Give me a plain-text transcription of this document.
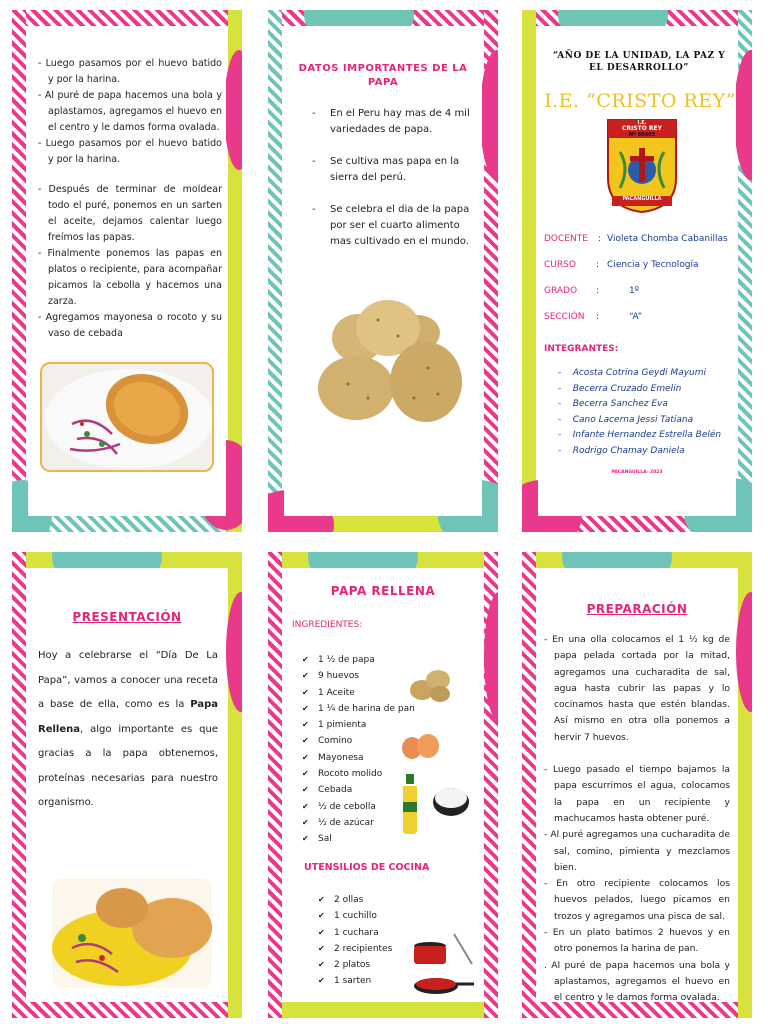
- Luego pasamos por el huevo batido y por la harina.
- Al puré de papa hacemos una bola y aplastamos, agregamos el huevo en el centro y le damos forma ovalada.
- Luego pasamos por el huevo batido y por la harina.
- Después de terminar de moldear todo el puré, ponemos en un sarten el aceite, dejamos calentar luego freímos las papas.
- Finalmente ponemos las papas en platos o recipiente, para acompañar picamos la cebolla y hacemos una zarza.
- Agregamos mayonesa o rocoto y su vaso de cebada
DATOS IMPORTANTES DE LA PAPA
- En el Peru hay mas de 4 mil variedades de papa.
- Se cultiva mas papa en la sierra del perú.
- Se celebra el dia de la papa por ser el cuarto alimento mas cultivado en el mundo.
“AÑO DE LA UNIDAD, LA PAZ Y EL DESARROLLO”
I.E. “CRISTO REY”
I.E.
CRISTO REY
Nº 80403
PACANGUILLA
DOCENTE : Violeta Chomba Cabanillas
CURSO : Ciencia y Tecnología
GRADO :	1º
SECCIÓN :	“A”
INTEGRANTES:
-    Acosta Cotrina Geydi Mayumi
-    Becerra Cruzado Emelin
-    Becerra Sanchez Eva
-    Cano Lacerna Jessi Tatiana
-    Infante Hernandez Estrella Belén
-    Rodrigo Chamay Daniela
PACANGUILLA- 2023
PRESENTACIÓN
Hoy a celebrarse el “Día De La Papa”, vamos a conocer una receta a base de ella, como es la Papa Rellena, algo importante es que gracias a la papa obtenemos, proteínas necesarias para nuestro organismo.
PAPA RELLENA
INGREDIENTES:
✔ 1 ½ de papa
✔ 9 huevos
✔ 1 Aceite
✔ 1 ¼ de harina de pan
✔ 1 pimienta
✔ Comino
✔ Mayonesa
✔ Rocoto molido
✔ Cebada
✔ ½ de cebolla
✔ ½ de azúcar
✔ Sal
UTENSILIOS DE COCINA
✔ 2 ollas
✔ 1 cuchillo
✔ 1 cuchara
✔ 2 recipientes
✔ 2 platos
✔ 1 sarten
PREPARACIÓN
- En una olla colocamos el 1 ½ kg de papa pelada cortada por la mitad, agregamos una cucharadita de sal, agua hasta cubrir las papas y lo cocinamos hasta que estén blandas. Así mismo en otra olla ponemos a hervir 7 huevos.
- Luego pasado el tiempo bajamos la papa escurrimos el agua, colocamos la papa en un recipiente y machucamos hasta obtener puré.
- Al puré agregamos una cucharadita de sal, comino, pimienta y mezclamos bien.
- En otro recipiente colocamos los huevos pelados, luego picamos en trozos y agregamos una pisca de sal.
- En un plato batimos 2 huevos y en otro ponemos la harina de pan.
. Al puré de papa hacemos una bola y aplastamos, agregamos el huevo en el centro y le damos forma ovalada.
